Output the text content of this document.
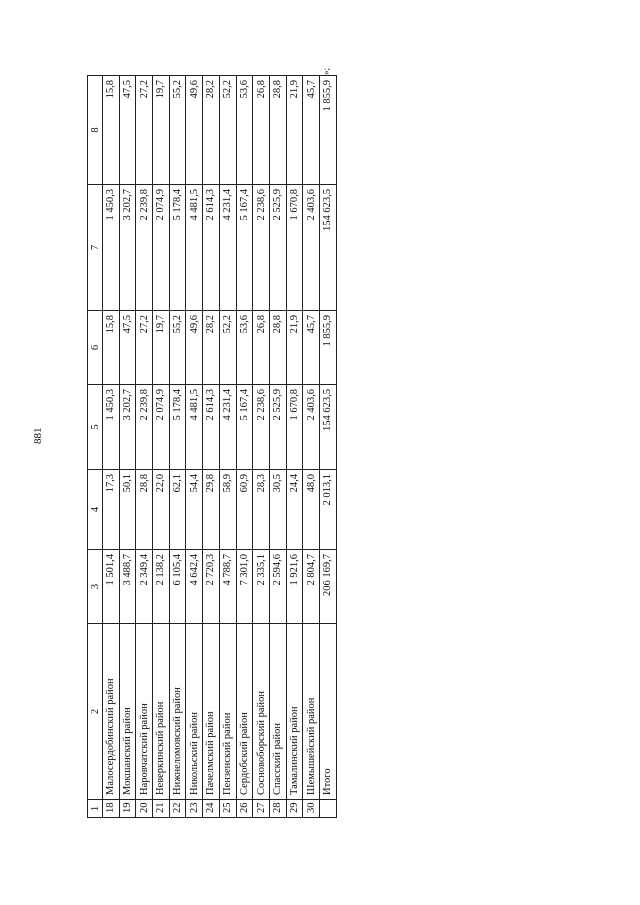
881
1	2	3	4	5	6	7	8
18	Малосердобинский район	1 501,4	17,3	1 450,3	15,8	1 450,3	15,8
19	Мокшанский район	3 488,7	50,1	3 202,7	47,5	3 202,7	47,5
20	Наровчатский район	2 349,4	28,8	2 239,8	27,2	2 239,8	27,2
21	Неверкинский район	2 138,2	22,0	2 074,9	19,7	2 074,9	19,7
22	Нижнеломовский район	6 105,4	62,1	5 178,4	55,2	5 178,4	55,2
23	Никольский район	4 642,4	54,4	4 481,5	49,6	4 481,5	49,6
24	Пачелмский район	2 720,3	29,8	2 614,3	28,2	2 614,3	28,2
25	Пензенский район	4 788,7	58,9	4 231,4	52,2	4 231,4	52,2
26	Сердобский район	7 301,0	60,9	5 167,4	53,6	5 167,4	53,6
27	Сосновоборский район	2 335,1	28,3	2 238,6	26,8	2 238,6	26,8
28	Спасский район	2 594,6	30,5	2 525,9	28,8	2 525,9	28,8
29	Тамалинский район	1 921,6	24,4	1 670,8	21,9	1 670,8	21,9
30	Шемышейский район	2 804,7	48,0	2 403,6	45,7	2 403,6	45,7
	Итого	206 169,7	2 013,1	154 623,5	1 855,9	154 623,5	1 855,9
»;
